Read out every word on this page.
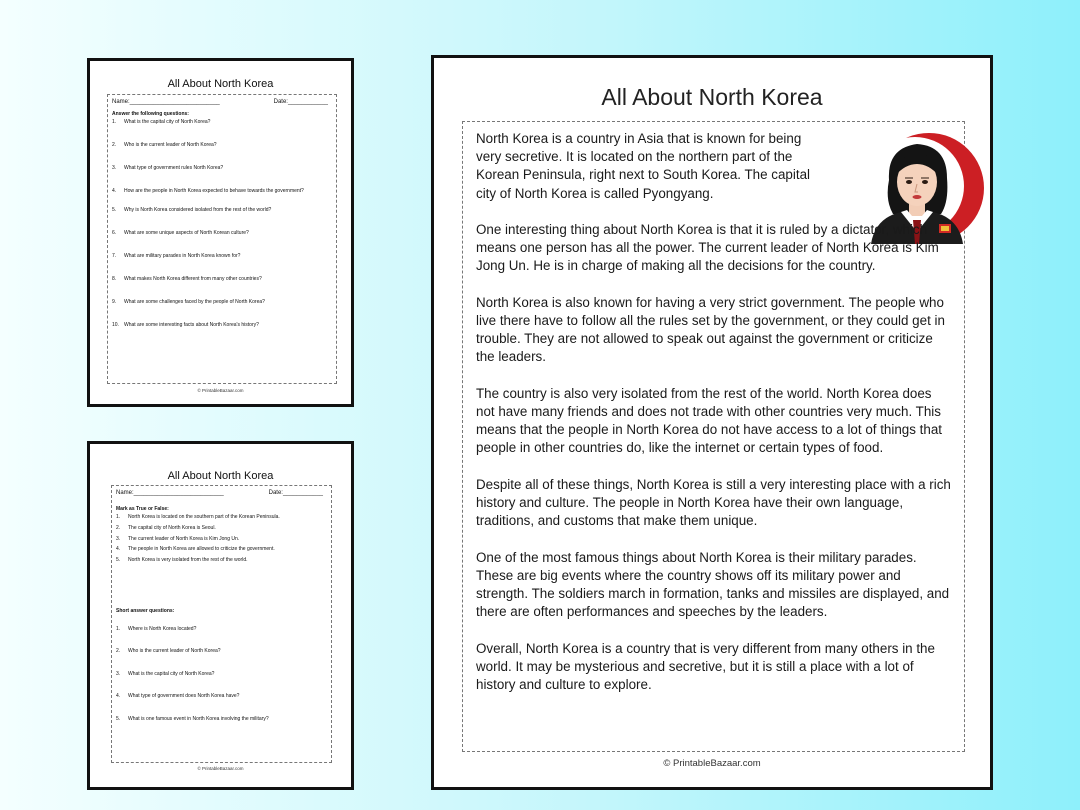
All About North Korea
Name:___________________________	Date:____________
Answer the following questions:
1.	What is the capital city of North Korea?
2.	Who is the current leader of North Korea?
3.	What type of government rules North Korea?
4.	How are the people in North Korea expected to behave towards the government?
5.	Why is North Korea considered isolated from the rest of the world?
6.	What are some unique aspects of North Korean culture?
7.	What are military parades in North Korea known for?
8.	What makes North Korea different from many other countries?
9.	What are some challenges faced by the people of North Korea?
10.	What are some interesting facts about North Korea's history?
© PrintableBazaar.com
All About North Korea
Name:___________________________	Date:____________
Mark as True or False:
1.	North Korea is located on the southern part of the Korean Peninsula.
2.	The capital city of North Korea is Seoul.
3.	The current leader of North Korea is Kim Jong Un.
4.	The people in North Korea are allowed to criticize the government.
5.	North Korea is very isolated from the rest of the world.
Short answer questions:
1.	Where is North Korea located?
2.	Who is the current leader of North Korea?
3.	What is the capital city of North Korea?
4.	What type of government does North Korea have?
5.	What is one famous event in North Korea involving the military?
© PrintableBazaar.com
All About North Korea

North Korea is a country in Asia that is known for being very secretive. It is located on the northern part of the Korean Peninsula, right next to South Korea. The capital city of North Korea is called Pyongyang.

One interesting thing about North Korea is that it is ruled by a dictator, which means one person has all the power. The current leader of North Korea is Kim Jong Un. He is in charge of making all the decisions for the country.

North Korea is also known for having a very strict government. The people who live there have to follow all the rules set by the government, or they could get in trouble. They are not allowed to speak out against the government or criticize the leaders.

The country is also very isolated from the rest of the world. North Korea does not have many friends and does not trade with other countries very much. This means that the people in North Korea do not have access to a lot of things that people in other countries do, like the internet or certain types of food.

Despite all of these things, North Korea is still a very interesting place with a rich history and culture. The people in North Korea have their own language, traditions, and customs that make them unique.

One of the most famous things about North Korea is their military parades. These are big events where the country shows off its military power and strength. The soldiers march in formation, tanks and missiles are displayed, and there are often performances and speeches by the leaders.

Overall, North Korea is a country that is very different from many others in the world. It may be mysterious and secretive, but it is still a place with a lot of history and culture to explore.

© PrintableBazaar.com
